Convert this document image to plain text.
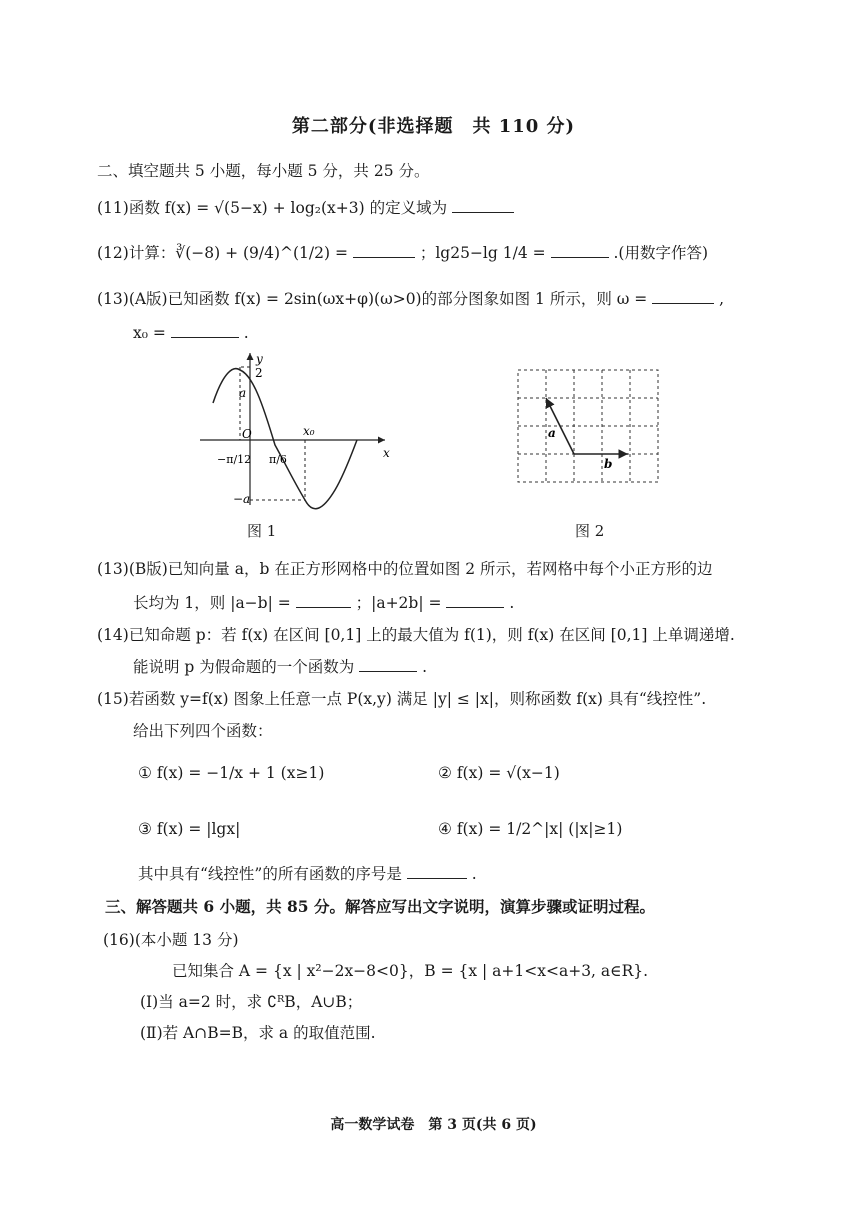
第二部分(非选择题　共 110 分)
二、填空题共 5 小题，每小题 5 分，共 25 分。
(11)函数 f(x) = √(5−x) + log₂(x+3) 的定义域为
(12)计算：∛(−8) + (9/4)^(1/2) =	；lg25−lg 1/4 =	.(用数字作答)
(13)(A版)已知函数 f(x) = 2sin(ωx+φ)(ω>0)的部分图象如图 1 所示，则 ω =	,
x₀ =	.
y
x
2
a
−a
O	x₀
−π/12 π/6
图 1
a
b
图 2
(13)(B版)已知向量 a，b 在正方形网格中的位置如图 2 所示，若网格中每个小正方形的边
长均为 1，则 |a−b| =	；|a+2b| =	.
(14)已知命题 p：若 f(x) 在区间 [0,1] 上的最大值为 f(1)，则 f(x) 在区间 [0,1] 上单调递增.
能说明 p 为假命题的一个函数为	.
(15)若函数 y=f(x) 图象上任意一点 P(x,y) 满足 |y| ≤ |x|，则称函数 f(x) 具有“线控性”.
给出下列四个函数：
① f(x) = −1/x + 1 (x≥1)	② f(x) = √(x−1)
③ f(x) = |lgx|	④ f(x) = 1/2^|x| (|x|≥1)
其中具有“线控性”的所有函数的序号是	.
三、解答题共 6 小题，共 85 分。解答应写出文字说明，演算步骤或证明过程。
(16)(本小题 13 分)
已知集合 A = {x | x²−2x−8<0}，B = {x | a+1<x<a+3, a∈R}.
(Ⅰ)当 a=2 时，求 ∁ᴿB，A∪B；
(Ⅱ)若 A∩B=B，求 a 的取值范围.
高一数学试卷　第 3 页(共 6 页)
